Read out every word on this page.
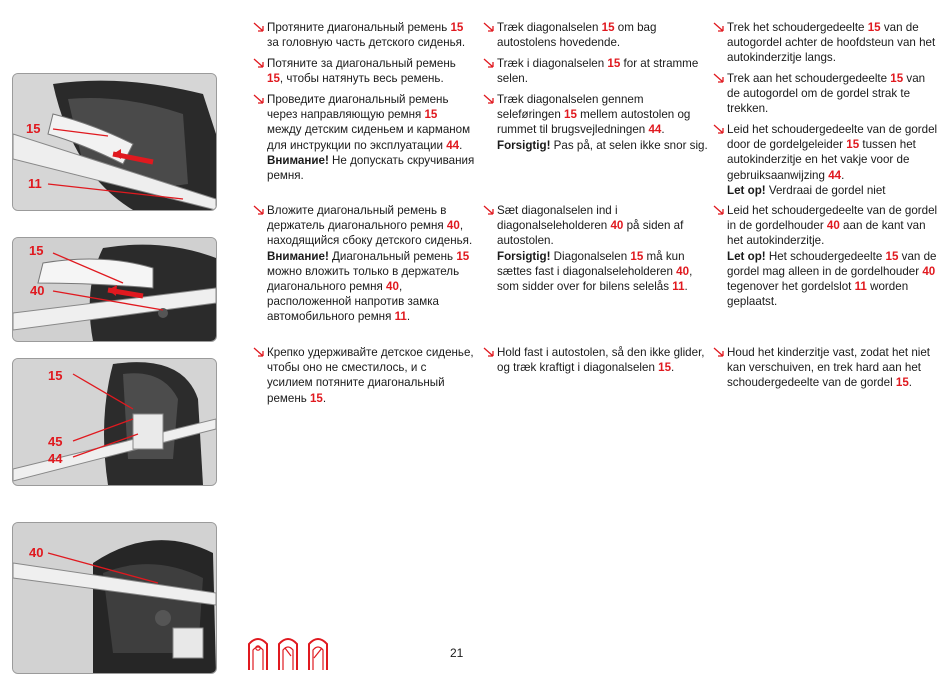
15
11
15
40
15
45
44
40
Протяните диагональный ремень 15 за головную часть детского сиденья.
Потяните за диагональный ремень 15, чтобы натянуть весь ремень.
Проведите диагональный ремень через направляющую ремня 15 между детским сиденьем и карманом для инструкции по эксплуатации 44.
Внимание! Не допускать скручивания ремня.
Вложите диагональный ремень в держатель диагонального ремня 40, находящийся сбоку детского сиденья.
Внимание! Диагональный ремень 15 можно вложить только в держатель диагонального ремня 40, расположенной напротив замка автомобильного ремня 11.
Крепко удерживайте детское сиденье, чтобы оно не сместилось, и с усилием потяните диагональный ремень 15.
Træk diagonalselen 15 om bag autostolens hovedende.
Træk i diagonalselen 15 for at stramme selen.
Træk diagonalselen gennem seleføringen 15 mellem autostolen og rummet til brugsvejledningen 44.
Forsigtig! Pas på, at selen ikke snor sig.
Sæt diagonalselen ind i diagonalseleholderen 40 på siden af autostolen.
Forsigtig! Diagonalselen 15 må kun sættes fast i diagonalseleholderen 40, som sidder over for bilens selelås 11.
Hold fast i autostolen, så den ikke glider, og træk kraftigt i diagonalselen 15.
Trek het schoudergedeelte 15 van de autogordel achter de hoofdsteun van het autokinderzitje langs.
Trek aan het schoudergedeelte 15 van de autogordel om de gordel strak te trekken.
Leid het schoudergedeelte van de gordel door de gordelgeleider 15 tussen het autokinderzitje en het vakje voor de gebruiksaanwijzing 44.
Let op! Verdraai de gordel niet
Leid het schoudergedeelte van de gordel in de gordelhouder 40 aan de kant van het autokinderzitje.
Let op! Het schoudergedeelte 15 van de gordel mag alleen in de gordelhouder 40 tegenover het gordelslot 11 worden geplaatst.
Houd het kinderzitje vast, zodat het niet kan verschuiven, en trek hard aan het schoudergedeelte van de gordel 15.
21
